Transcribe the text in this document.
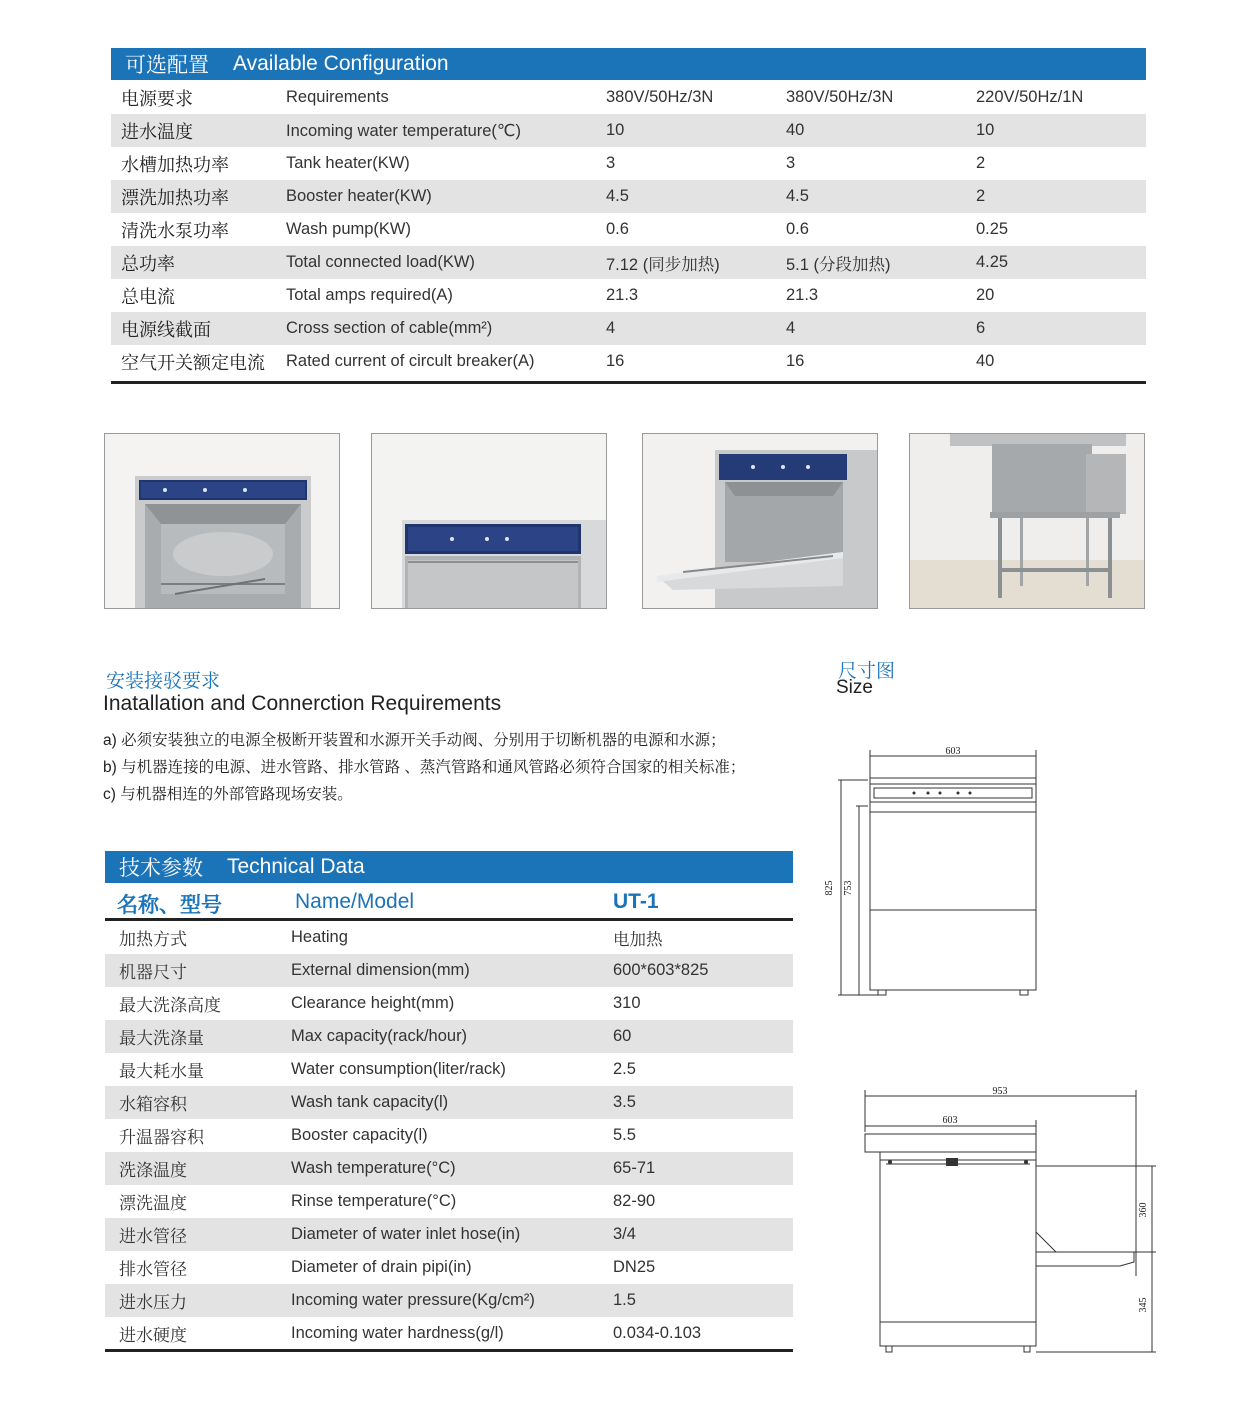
可选配置 Available Configuration
电源要求	Requirements	380V/50Hz/3N	380V/50Hz/3N	220V/50Hz/1N
进水温度	Incoming water temperature(℃)	10	40	10
水槽加热功率	Tank heater(KW)	3	3	2
漂洗加热功率	Booster heater(KW)	4.5	4.5	2
清洗水泵功率	Wash pump(KW)	0.6	0.6	0.25
总功率	Total connected load(KW)	7.12 (同步加热)	5.1 (分段加热)	4.25
总电流	Total amps required(A)	21.3	21.3	20
电源线截面	Cross section of cable(mm²)	4	4	6
空气开关额定电流	Rated current of circult breaker(A)	16	16	40
安装接驳要求
Inatallation and Connerction Requirements
a) 必须安装独立的电源全极断开装置和水源开关手动阀、分别用于切断机器的电源和水源；
b) 与机器连接的电源、进水管路、排水管路 、蒸汽管路和通风管路必须符合国家的相关标准；
c) 与机器相连的外部管路现场安装。
技术参数 Technical Data
名称、型号	Name/Model	UT-1
加热方式	Heating	电加热
机器尺寸	External dimension(mm)	600*603*825
最大洗涤高度	Clearance height(mm)	310
最大洗涤量	Max capacity(rack/hour)	60
最大耗水量	Water consumption(liter/rack)	2.5
水箱容积	Wash tank capacity(l)	3.5
升温器容积	Booster capacity(l)	5.5
洗涤温度	Wash temperature(°C)	65-71
漂洗温度	Rinse temperature(°C)	82-90
进水管径	Diameter of water inlet hose(in)	3/4
排水管径	Diameter of drain pipi(in)	DN25
进水压力	Incoming water pressure(Kg/cm²)	1.5
进水硬度	Incoming water hardness(g/l)	0.034-0.103
尺寸图
Size
603
825 753
953
603
360
345
